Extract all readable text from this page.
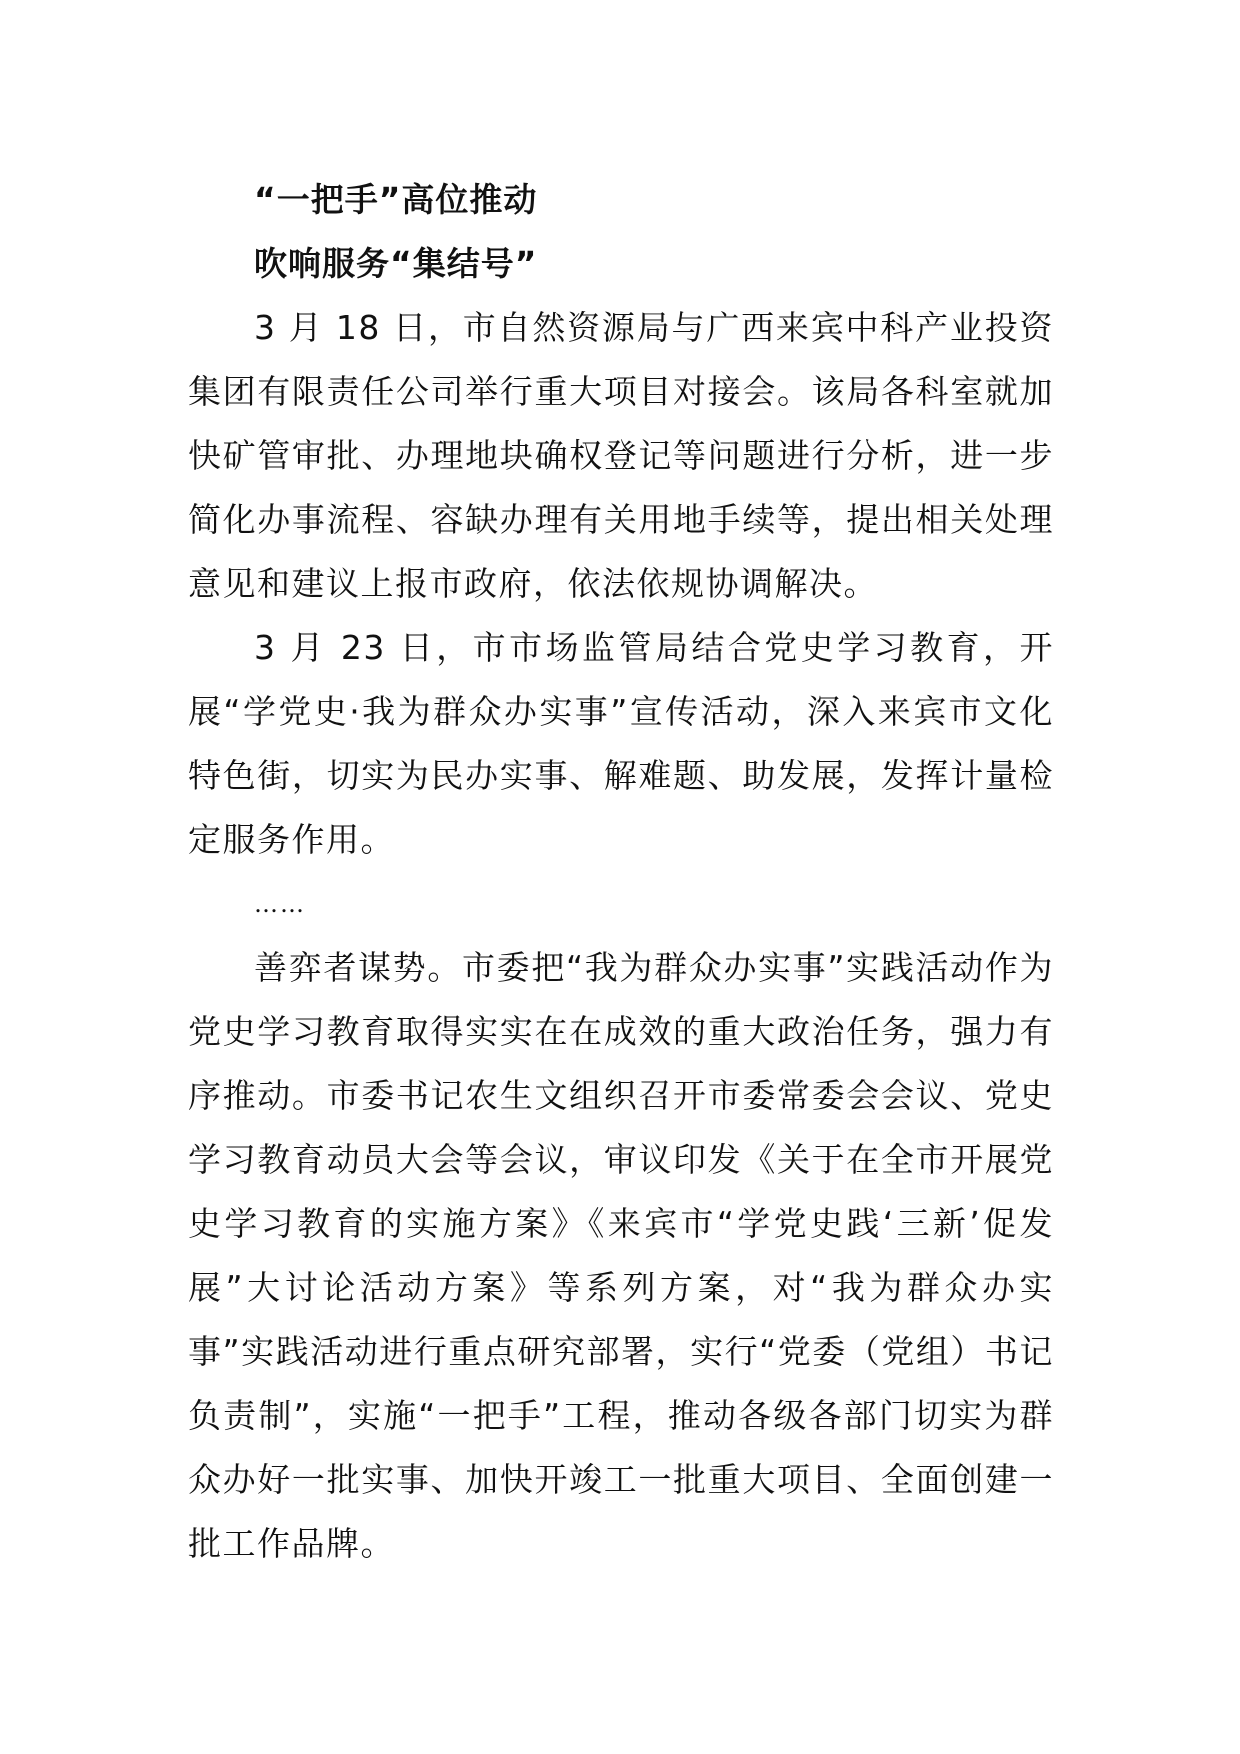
“一把手”高位推动
吹响服务“集结号”

3 月 18 日，市自然资源局与广西来宾中科产业投资集团有限责任公司举行重大项目对接会。该局各科室就加快矿管审批、办理地块确权登记等问题进行分析，进一步简化办事流程、容缺办理有关用地手续等，提出相关处理意见和建议上报市政府，依法依规协调解决。

3 月 23 日，市市场监管局结合党史学习教育，开展“学党史·我为群众办实事”宣传活动，深入来宾市文化特色街，切实为民办实事、解难题、助发展，发挥计量检定服务作用。

……

善弈者谋势。市委把“我为群众办实事”实践活动作为党史学习教育取得实实在在成效的重大政治任务，强力有序推动。市委书记农生文组织召开市委常委会会议、党史学习教育动员大会等会议，审议印发《关于在全市开展党史学习教育的实施方案》《来宾市“学党史践‘三新’促发展”大讨论活动方案》等系列方案，对“我为群众办实事”实践活动进行重点研究部署，实行“党委（党组）书记负责制”，实施“一把手”工程，推动各级各部门切实为群众办好一批实事、加快开竣工一批重大项目、全面创建一批工作品牌。
